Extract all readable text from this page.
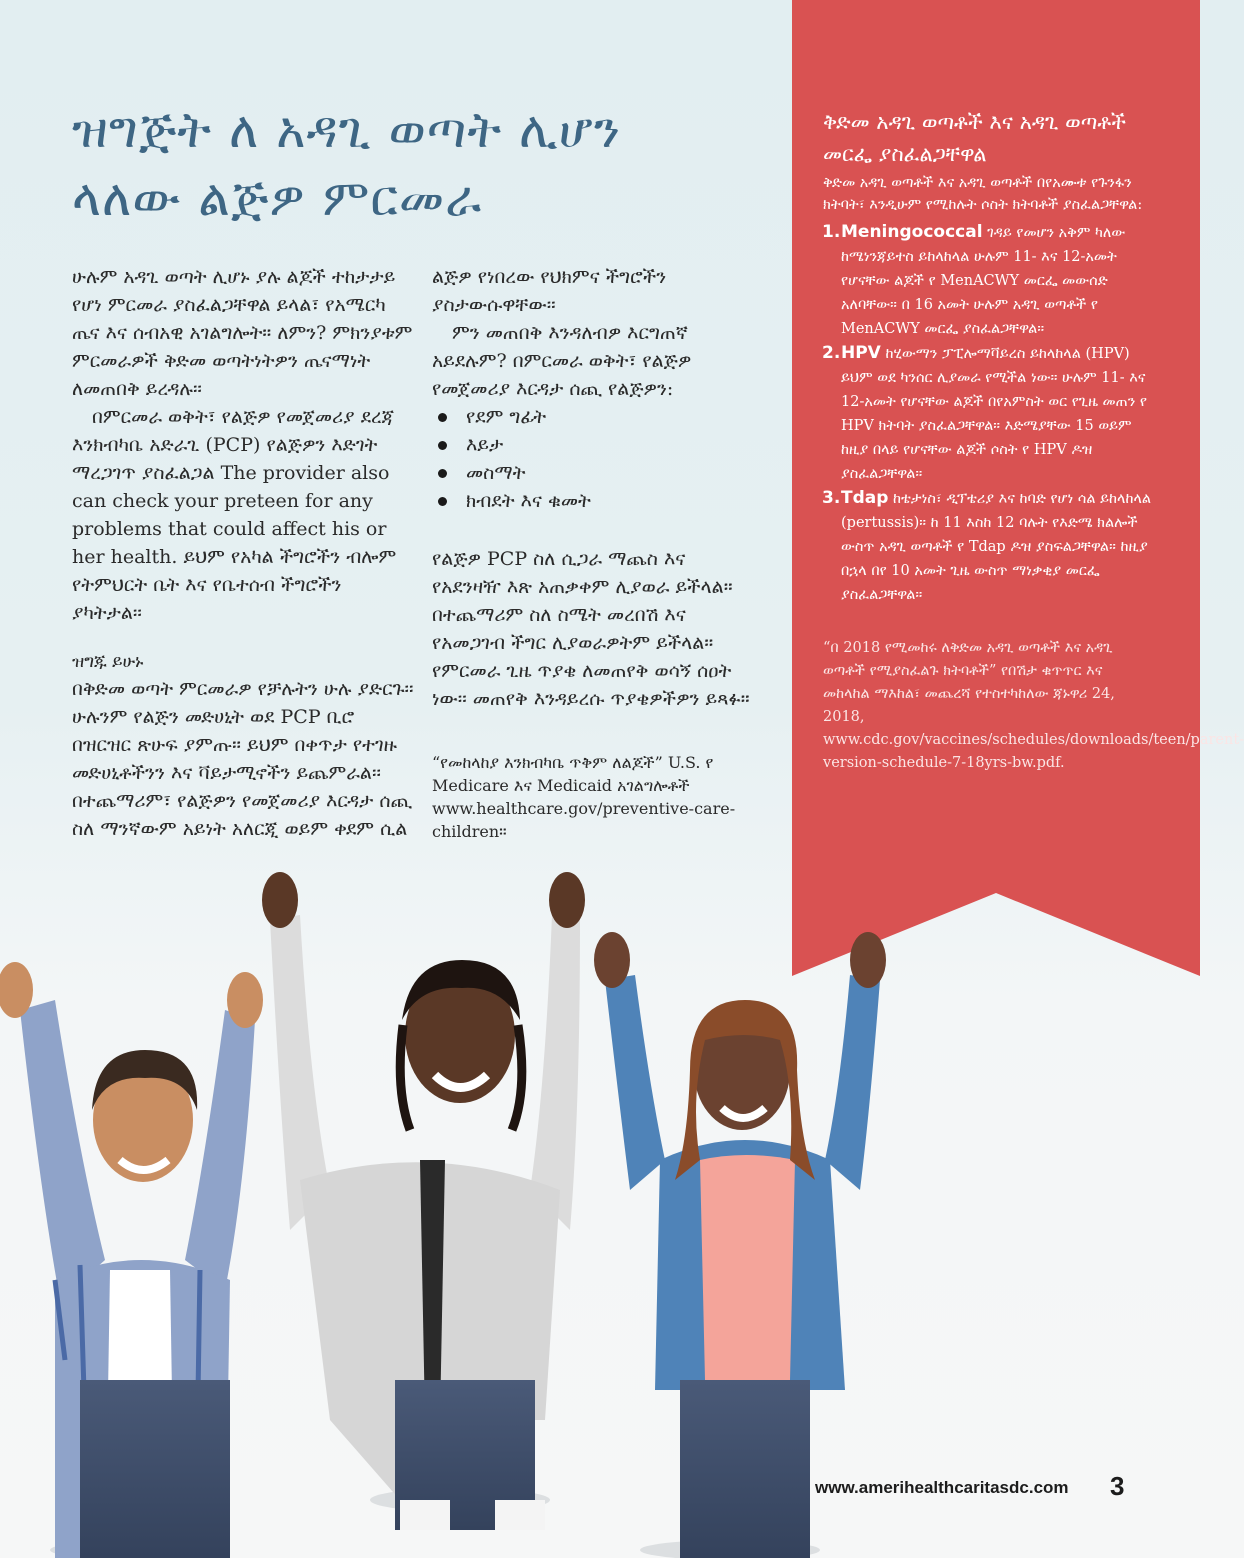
ዝግጅት ለ አዳጊ ወጣት ሊሆን
ላለው ልጅዎ ምርመራ

ሁሉም አዳጊ ወጣት ሊሆኑ ያሉ ልጆች ተከታታይ የሆነ ምርመራ ያስፈልጋቸዋል ይላል፣ የአሜርካ ጤና እና ሰብአዊ አገልግሎት። ለምን? ምክንያቱም ምርመራዎች ቅድመ ወጣትነትዎን ጤናማነት ለመጠበቅ ይረዳሉ፡፡

በምርመራ ወቅት፣ የልጅዎ የመጀመሪያ ደረጃ እንክብካቤ አድራጊ (PCP) የልጅዎን እድገት ማረጋገጥ ያስፈልጋል The provider also can check your preteen for any problems that could affect his or her health. ይህም የአካል ችግሮችን ብሎም የትምህርት ቤት እና የቤተሰብ ችግሮችን ያካትታል፡፡

ዝግጁ ይሁኑ

በቅድመ ወጣት ምርመራዎ የቻሉትን ሁሉ ያድርጉ፡፡ ሁሉንም የልጅን መድሀኒት ወደ PCP ቢሮ በዝርዝር ጽሁፍ ያምጡ። ይህም በቀጥታ የተገዙ መድሀኒቶችንን እና ቫይታሚኖችን ይጨምራል፡፡ በተጨማሪም፣ የልጅዎን የመጀመሪያ እርዳታ ሰጪ ስለ ማንኛውም አይነት አለርጂ ወይም ቀደም ሲል

ልጅዎ የነበረው የህክምና ችግሮችን ያስታውሱዋቸው፡፡

ምን መጠበቅ እንዳለብዎ እርግጠኛ አይደሉም? በምርመራ ወቅት፣ የልጅዎ የመጀመሪያ እርዳታ ሰጪ የልጅዎን:

የደም ግፊት
እይታ
መስማት
ክብደት እና ቁመት

የልጅዎ PCP ስለ ሲጋራ ማጨስ እና የአደንዛዥ እጽ አጠቃቀም ሊያወራ ይችላል። በተጨማሪም ስለ ስሜት መረበሽ እና የአመጋገብ ችግር ሊያወራዎትም ይችላል። የምርመራ ጊዜ ጥያቄ ለመጠየቅ ወሳኝ ሰዐት ነው፡፡ መጠየቅ እንዳይረሱ ጥያቄዎችዎን ይጻፉ።

“የመከላከያ እንክብካቤ ጥቅም ለልጆች” U.S. የ Medicare እና Medicaid አገልግሎቶች www.healthcare.gov/preventive-care-children።

ቅድመ አዳጊ ወጣቶች እና አዳጊ ወጣቶች መርፌ ያስፈልጋቸዋል

ቅድመ አዳጊ ወጣቶች እና አዳጊ ወጣቶች በየአሙቱ የጉንፋን ክትባት፣ እንዲሁም የሚከሉት ሶስት ክትባቶች ያስፈልጋቸዋል:

1. Meningococcal ገዳይ የመሆን አቅም ካለው ከሜነንጃይተስ ይከላከላል ሁሉም 11- እና 12-አመት የሆናቸው ልጆች የ MenACWY መርፌ መውሰድ አለባቸው። በ 16 አመት ሁሉም አዳጊ ወጣቶች የ MenACWY መርፌ ያስፈልጋቸዋል።
2. HPV ከሂውማን ፓፒሎማቫይረስ ይከላከላል (HPV) ይህም ወደ ካንሰር ሊያመራ የሚችል ነው። ሁሉም 11- እና 12-አመት የሆናቸው ልጆች በየአምስት ወር የጊዜ መጠን የ HPV ክትባት ያስፈልጋቸዋል። እድሜያቸው 15 ወይም ከዚያ በላይ የሆናቸው ልጆች ሶስት የ HPV ዶዝ ያስፈልጋቸዋል።
3. Tdap ከቴታነስ፣ ዲፕቴሪያ እና ከባድ የሆነ ሳል ይከላከላል (pertussis)። ከ 11 እስከ 12 ባሉት የእድሜ ክልሎች ውስጥ አዳጊ ወጣቶች የ Tdap ዶዝ ያስፍልጋቸዋል። ከዚያ በኋላ በየ 10 አመት ጊዜ ውስጥ ማነቃቂያ መርፌ ያስፈልጋቸዋል።

“በ 2018 የሚመከሩ ለቅድመ አዳጊ ወጣቶች እና አዳጊ ወጣቶች የሚያስፈልጉ ክትባቶች” የበሽታ ቁጥጥር እና መከላከል ማእከል፣ መጨረሻ የተስተካከለው ጃኑዋሪ 24, 2018, www.cdc.gov/vaccines/schedules/downloads/teen/parent-version-schedule-7-18yrs-bw.pdf.

www.amerihealthcaritasdc.com 3
